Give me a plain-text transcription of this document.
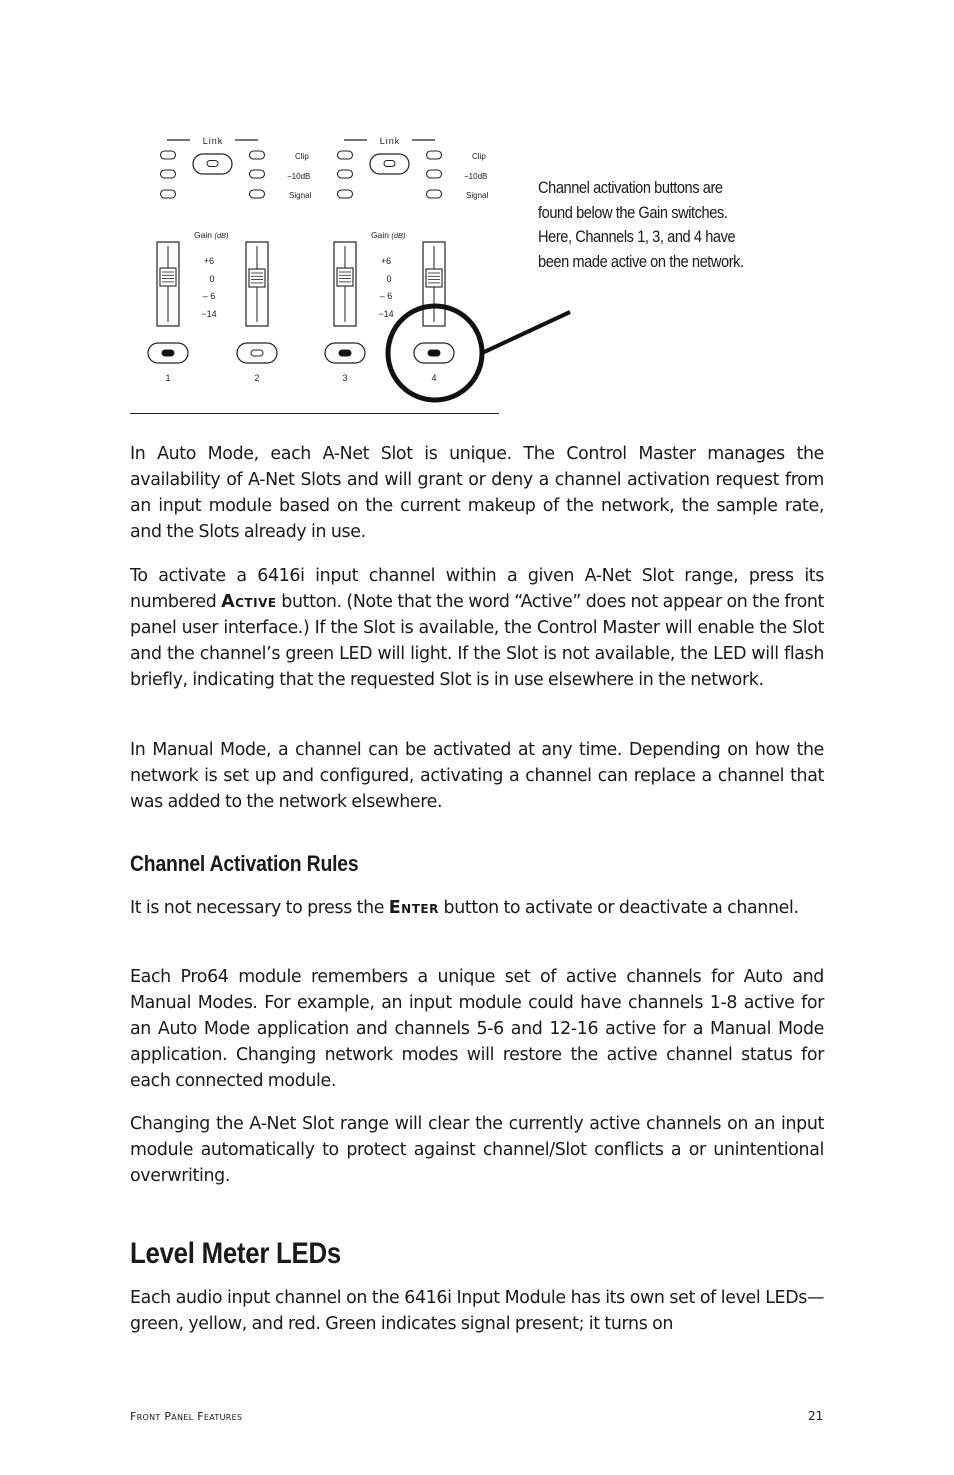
Link	Link
Clip
−10dB
Signal
Clip
−10dB
Signal
Gain (dB)	Gain (dB)
+6
0
– 6
−14
+6
0
– 6
−14
1	2	3	4
Channel activation buttons are found below the Gain switches. Here, Channels 1, 3, and 4 have been made active on the network.

In Auto Mode, each A-Net Slot is unique. The Control Master manages the availability of A-Net Slots and will grant or deny a channel activation request from an input module based on the current makeup of the network, the sample rate, and the Slots already in use.

To activate a 6416i input channel within a given A-Net Slot range, press its numbered Active button. (Note that the word “Active” does not appear on the front panel user interface.) If the Slot is available, the Control Master will enable the Slot and the channel’s green LED will light. If the Slot is not available, the LED will flash briefly, indicating that the requested Slot is in use elsewhere in the network.

In Manual Mode, a channel can be activated at any time. Depending on how the network is set up and configured, activating a channel can replace a channel that was added to the network elsewhere.

Channel Activation Rules

It is not necessary to press the Enter button to activate or deactivate a channel.

Each Pro64 module remembers a unique set of active channels for Auto and Manual Modes. For example, an input module could have channels 1-8 active for an Auto Mode application and channels 5-6 and 12-16 active for a Manual Mode application. Changing network modes will restore the active channel status for each connected module.

Changing the A-Net Slot range will clear the currently active channels on an input module automatically to protect against channel/Slot conflicts a or unintentional overwriting.

Level Meter LEDs

Each audio input channel on the 6416i Input Module has its own set of level LEDs—green, yellow, and red. Green indicates signal present; it turns on

Front Panel Features	21
